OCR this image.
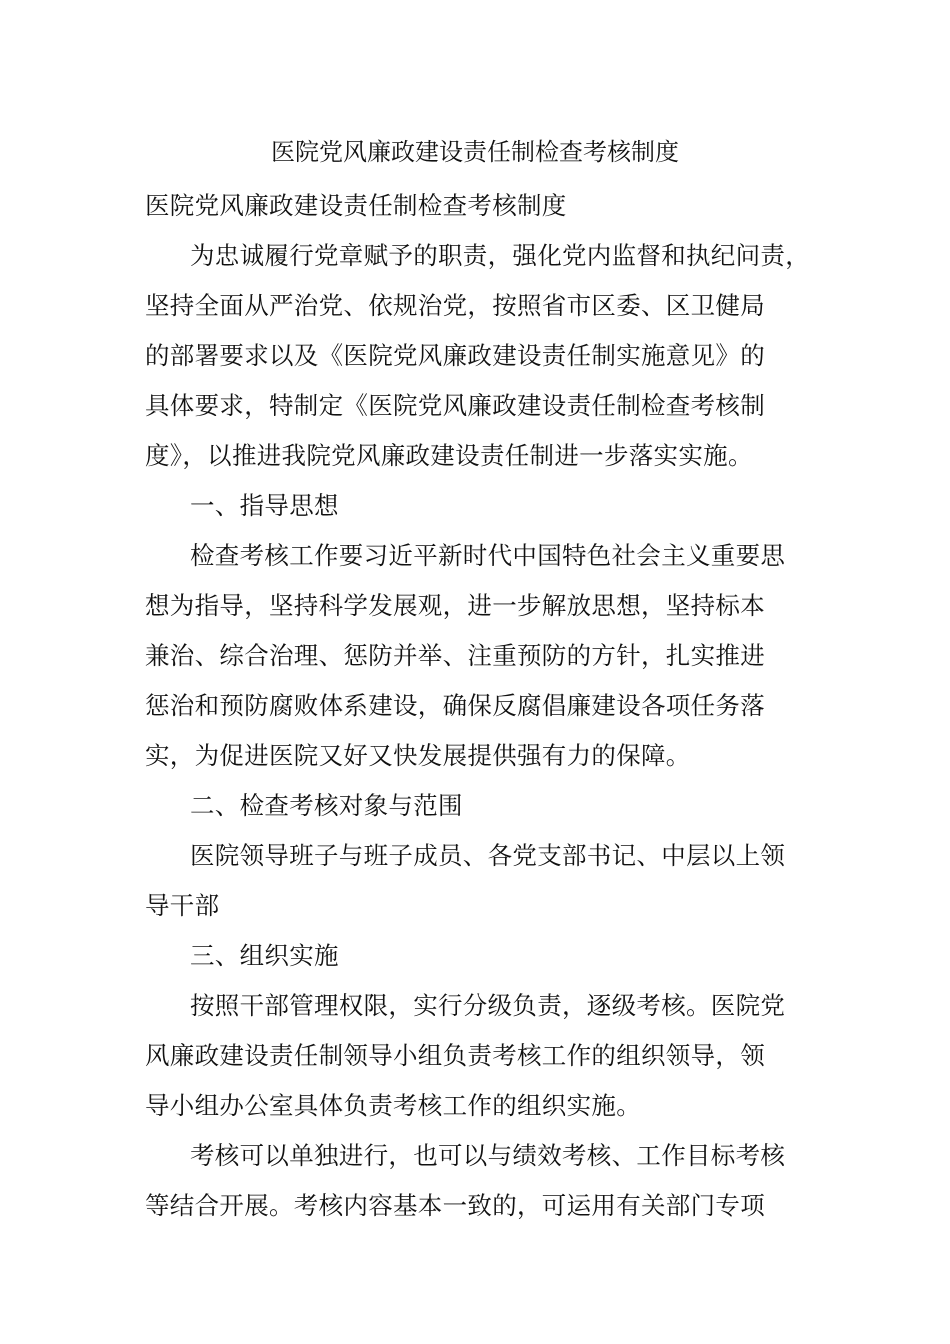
医院党风廉政建设责任制检查考核制度
医院党风廉政建设责任制检查考核制度
为忠诚履行党章赋予的职责，强化党内监督和执纪问责，
坚持全面从严治党、依规治党，按照省市区委、区卫健局
的部署要求以及《医院党风廉政建设责任制实施意见》的
具体要求，特制定《医院党风廉政建设责任制检查考核制
度》，以推进我院党风廉政建设责任制进一步落实实施。
一、指导思想
检查考核工作要习近平新时代中国特色社会主义重要思
想为指导，坚持科学发展观，进一步解放思想，坚持标本
兼治、综合治理、惩防并举、注重预防的方针，扎实推进
惩治和预防腐败体系建设，确保反腐倡廉建设各项任务落
实，为促进医院又好又快发展提供强有力的保障。
二、检查考核对象与范围
医院领导班子与班子成员、各党支部书记、中层以上领
导干部
三、组织实施
按照干部管理权限，实行分级负责，逐级考核。医院党
风廉政建设责任制领导小组负责考核工作的组织领导，领
导小组办公室具体负责考核工作的组织实施。
考核可以单独进行，也可以与绩效考核、工作目标考核
等结合开展。考核内容基本一致的，可运用有关部门专项
